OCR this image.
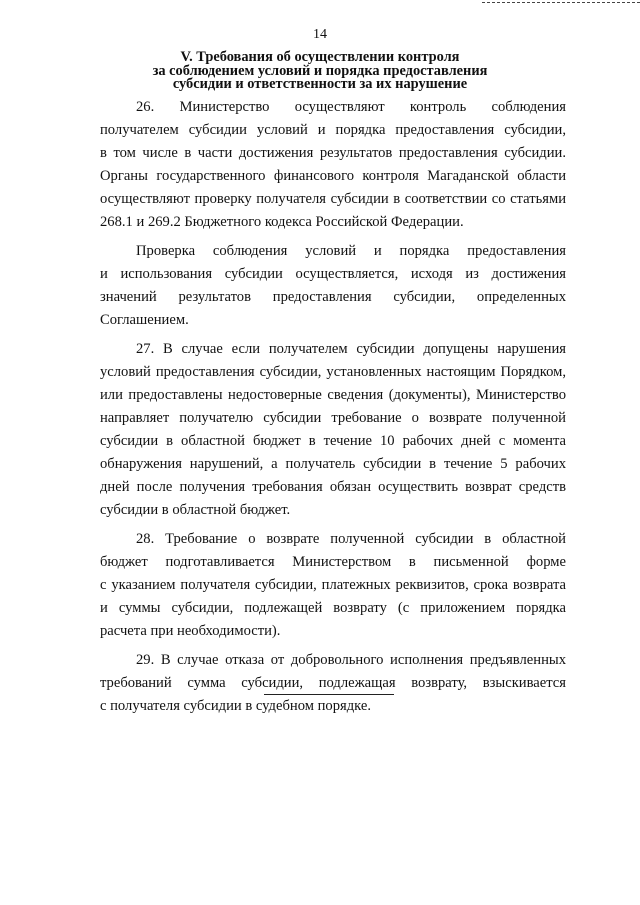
14
V. Требования об осуществлении контроля
за соблюдением условий и порядка предоставления
субсидии и ответственности за их нарушение
26. Министерство осуществляют контроль соблюдения
получателем субсидии условий и порядка предоставления субсидии,
в том числе в части достижения результатов предоставления субсидии.
Органы государственного финансового контроля Магаданской области
осуществляют проверку получателя субсидии в соответствии со статьями
268.1 и 269.2 Бюджетного кодекса Российской Федерации.
Проверка соблюдения условий и порядка предоставления
и использования субсидии осуществляется, исходя из достижения
значений результатов предоставления субсидии, определенных
Соглашением.
27. В случае если получателем субсидии допущены нарушения
условий предоставления субсидии, установленных настоящим Порядком,
или предоставлены недостоверные сведения (документы), Министерство
направляет получателю субсидии требование о возврате полученной
субсидии в областной бюджет в течение 10 рабочих дней с момента
обнаружения нарушений, а получатель субсидии в течение 5 рабочих
дней после получения требования обязан осуществить возврат средств
субсидии в областной бюджет.
28. Требование о возврате полученной субсидии в областной
бюджет подготавливается Министерством в письменной форме
с указанием получателя субсидии, платежных реквизитов, срока возврата
и суммы субсидии, подлежащей возврату (с приложением порядка
расчета при необходимости).
29. В случае отказа от добровольного исполнения предъявленных
требований сумма субсидии, подлежащая возврату, взыскивается
с получателя субсидии в судебном порядке.
